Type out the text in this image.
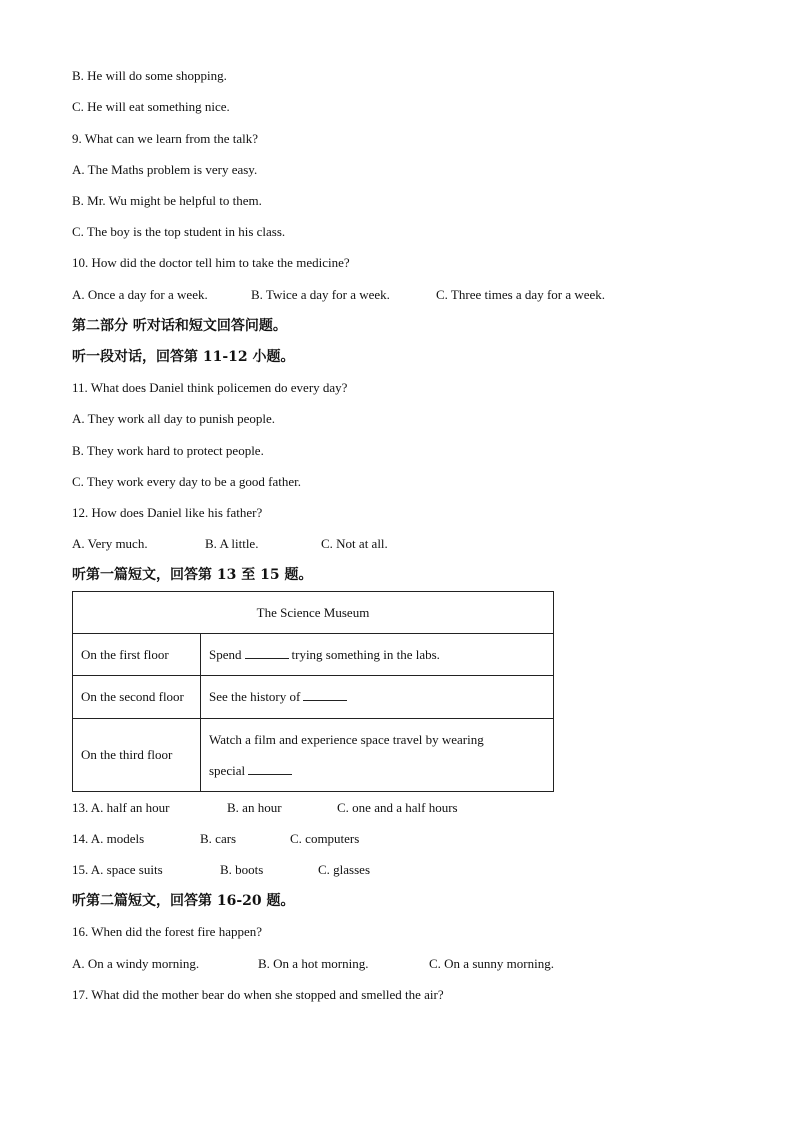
B. He will do some shopping.
C. He will eat something nice.
9. What can we learn from the talk?
A. The Maths problem is very easy.
B. Mr. Wu might be helpful to them.
C. The boy is the top student in his class.
10. How did the doctor tell him to take the medicine?
A. Once a day for a week.	B. Twice a day for a week.	C. Three times a day for a week.
第二部分 听对话和短文回答问题。
听一段对话，回答第 11-12 小题。
11. What does Daniel think policemen do every day?
A. They work all day to punish people.
B. They work hard to protect people.
C. They work every day to be a good father.
12. How does Daniel like his father?
A. Very much.	B. A little.	C. Not at all.
听第一篇短文，回答第 13 至 15 题。
The Science Museum	
On the first floor	Spend trying something in the labs.
On the second floor	See the history of
On the third floor	Watch a film and experience space travel by wearing
special
13. A. half an hour	B. an hour	C. one and a half hours
14. A. models	B. cars	C. computers
15. A. space suits	B. boots	C. glasses
听第二篇短文，回答第 16-20 题。
16. When did the forest fire happen?
A. On a windy morning.	B. On a hot morning.	C. On a sunny morning.
17. What did the mother bear do when she stopped and smelled the air?
